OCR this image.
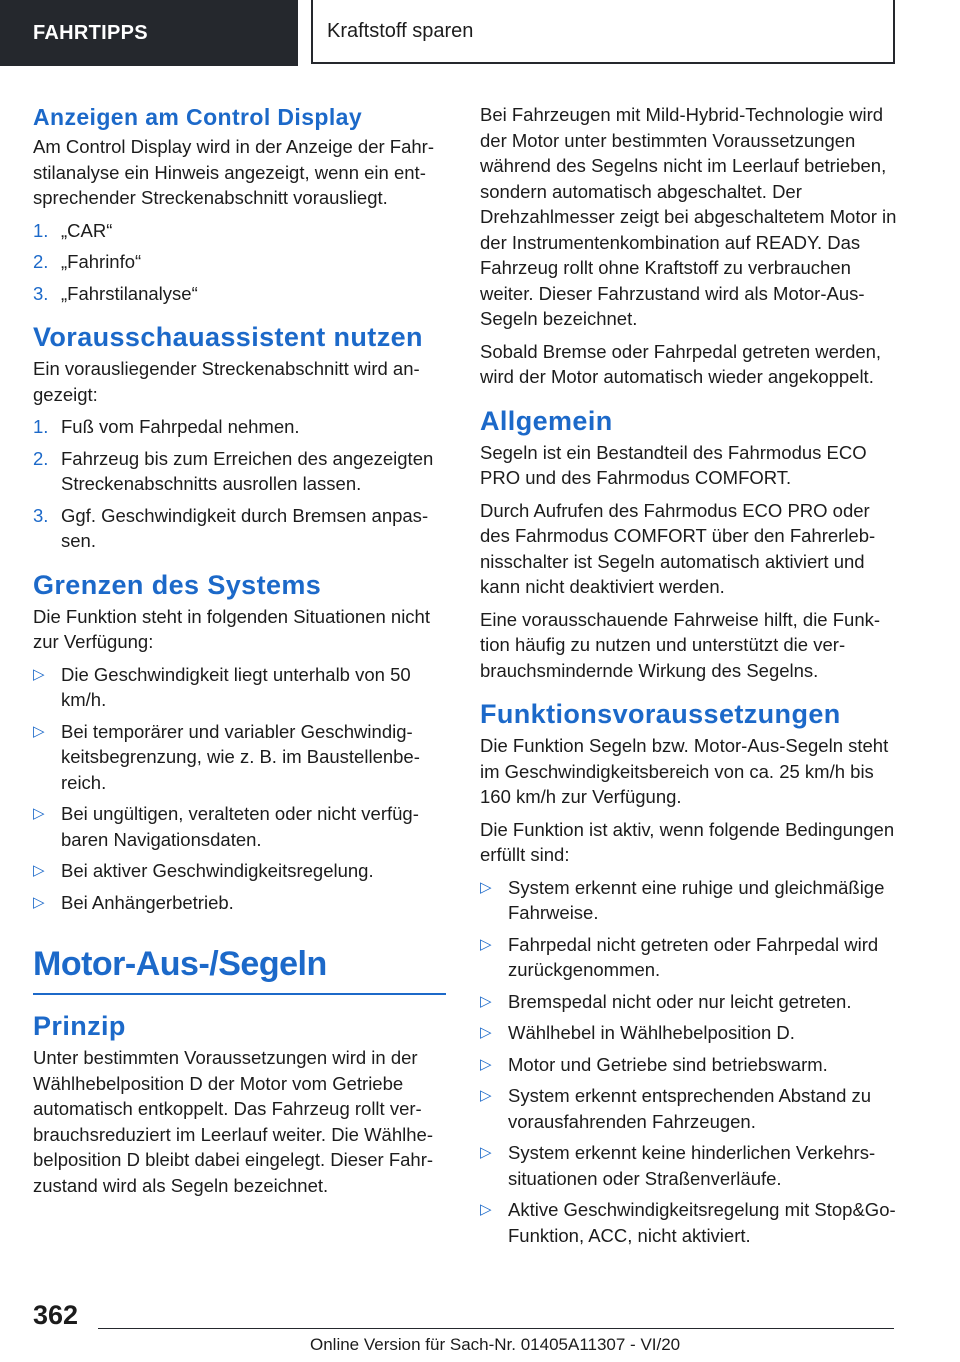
FAHRTIPPS	Kraftstoff sparen
Anzeigen am Control Display

Am Control Display wird in der Anzeige der Fahrstilanalyse ein Hinweis angezeigt, wenn ein entsprechender Streckenabschnitt vorausliegt.

1. „CAR“
2. „Fahrinfo“
3. „Fahrstilanalyse“
Vorausschauassistent nutzen

Ein vorausliegender Streckenabschnitt wird angezeigt:

1. Fuß vom Fahrpedal nehmen.
2. Fahrzeug bis zum Erreichen des angezeigten Streckenabschnitts ausrollen lassen.
3. Ggf. Geschwindigkeit durch Bremsen anpassen.
Grenzen des Systems

Die Funktion steht in folgenden Situationen nicht zur Verfügung:

▷ Die Geschwindigkeit liegt unterhalb von 50 km/h.
▷ Bei temporärer und variabler Geschwindigkeitsbegrenzung, wie z. B. im Baustellenbereich.
▷ Bei ungültigen, veralteten oder nicht verfügbaren Navigationsdaten.
▷ Bei aktiver Geschwindigkeitsregelung.
▷ Bei Anhängerbetrieb.
Motor-Aus-/Segeln
Prinzip

Unter bestimmten Voraussetzungen wird in der Wählhebelposition D der Motor vom Getriebe automatisch entkoppelt. Das Fahrzeug rollt verbrauchsreduziert im Leerlauf weiter. Die Wählhebelposition D bleibt dabei eingelegt. Dieser Fahrzustand wird als Segeln bezeichnet.

Bei Fahrzeugen mit Mild-Hybrid-Technologie wird der Motor unter bestimmten Voraussetzungen während des Segelns nicht im Leerlauf betrieben, sondern automatisch abgeschaltet. Der Drehzahlmesser zeigt bei abgeschaltetem Motor in der Instrumentenkombination auf READY. Das Fahrzeug rollt ohne Kraftstoff zu verbrauchen weiter. Dieser Fahrzustand wird als Motor-Aus-Segeln bezeichnet.

Sobald Bremse oder Fahrpedal getreten werden, wird der Motor automatisch wieder angekoppelt.

Allgemein

Segeln ist ein Bestandteil des Fahrmodus ECO PRO und des Fahrmodus COMFORT.

Durch Aufrufen des Fahrmodus ECO PRO oder des Fahrmodus COMFORT über den Fahrerlebnisschalter ist Segeln automatisch aktiviert und kann nicht deaktiviert werden.

Eine vorausschauende Fahrweise hilft, die Funktion häufig zu nutzen und unterstützt die verbrauchsmindernde Wirkung des Segelns.

Funktionsvoraussetzungen

Die Funktion Segeln bzw. Motor-Aus-Segeln steht im Geschwindigkeitsbereich von ca. 25 km/h bis 160 km/h zur Verfügung.

Die Funktion ist aktiv, wenn folgende Bedingungen erfüllt sind:

▷ System erkennt eine ruhige und gleichmäßige Fahrweise.
▷ Fahrpedal nicht getreten oder Fahrpedal wird zurückgenommen.
▷ Bremspedal nicht oder nur leicht getreten.
▷ Wählhebel in Wählhebelposition D.
▷ Motor und Getriebe sind betriebswarm.
▷ System erkennt entsprechenden Abstand zu vorausfahrenden Fahrzeugen.
▷ System erkennt keine hinderlichen Verkehrssituationen oder Straßenverläufe.
▷ Aktive Geschwindigkeitsregelung mit Stop&Go-Funktion, ACC, nicht aktiviert.
362
Online Version für Sach-Nr. 01405A11307 - VI/20
